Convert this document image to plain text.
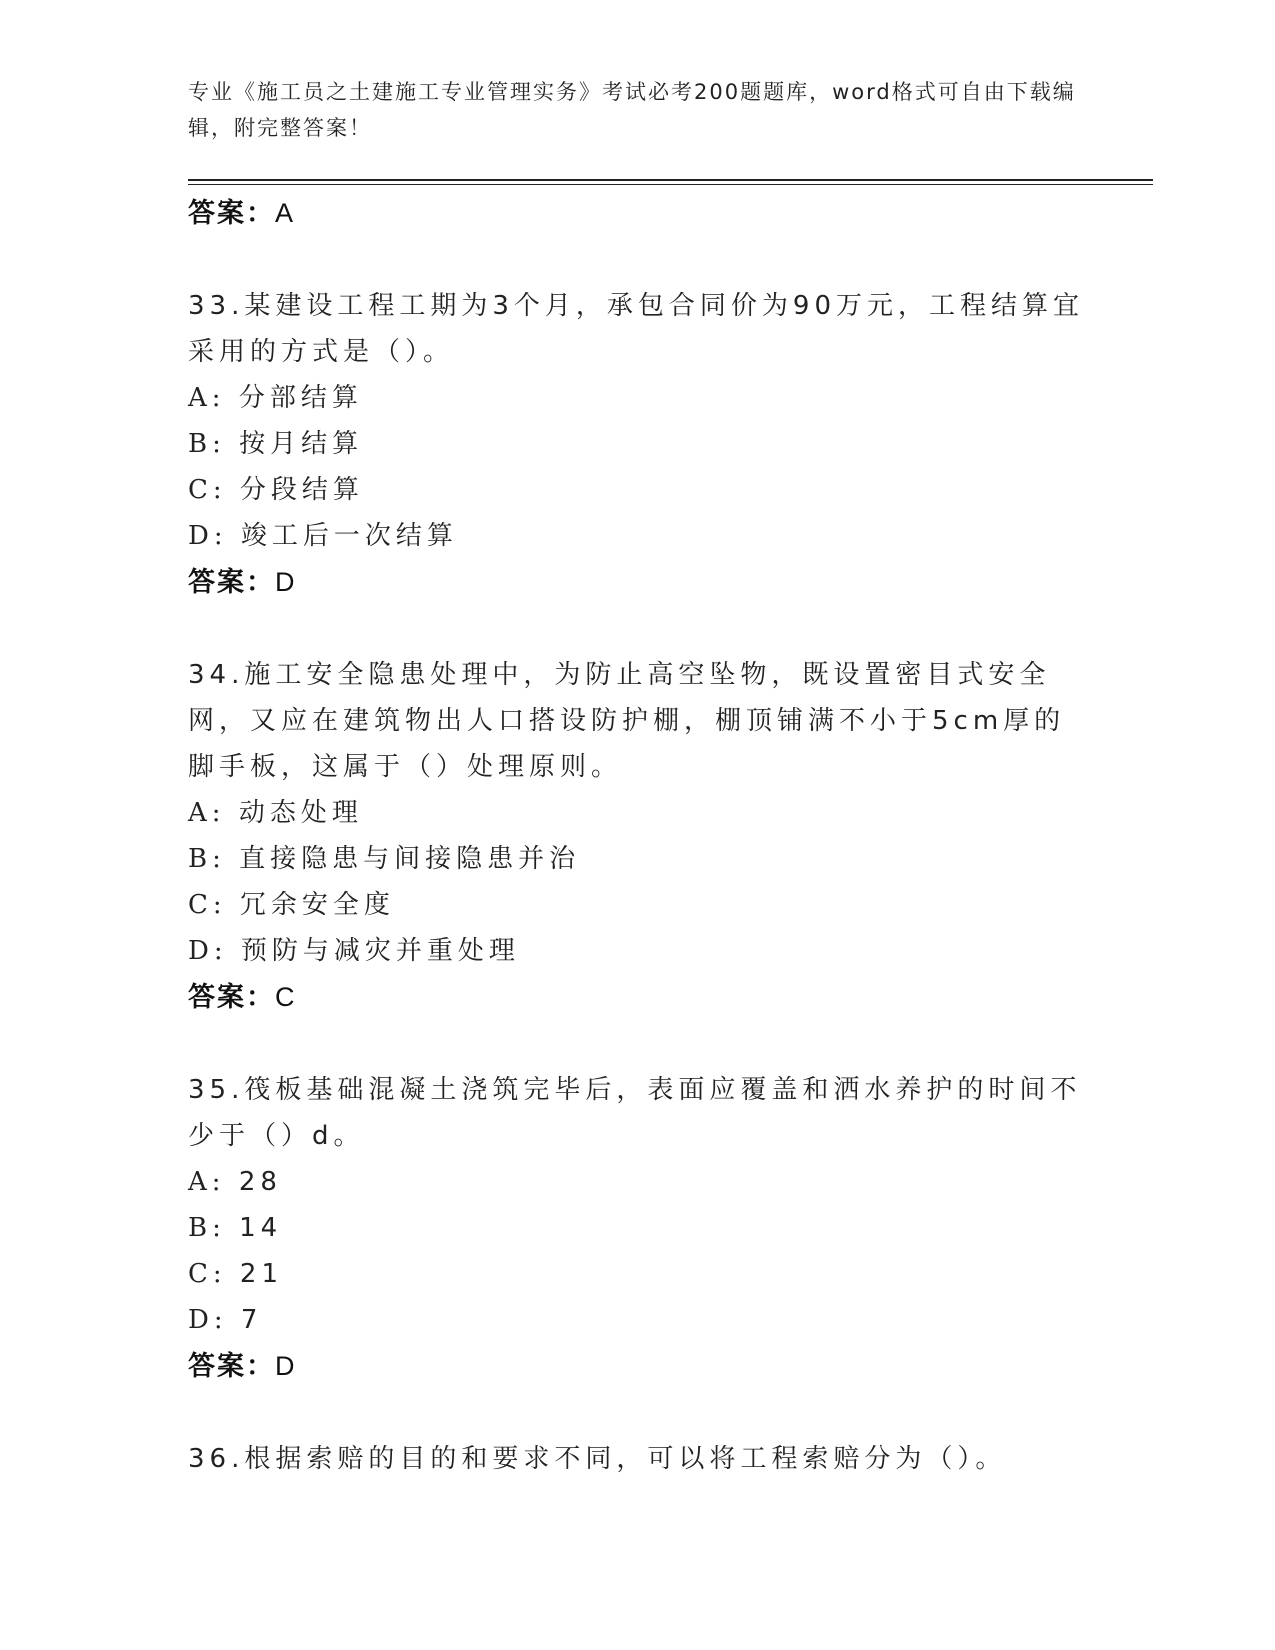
专业《施工员之土建施工专业管理实务》考试必考200题题库，word格式可自由下载编辑，附完整答案！
答案：A
33.某建设工程工期为3个月，承包合同价为90万元，工程结算宜采用的方式是（）。
A: 分部结算
B: 按月结算
C: 分段结算
D: 竣工后一次结算
答案：D
34.施工安全隐患处理中，为防止高空坠物，既设置密目式安全网，又应在建筑物出人口搭设防护棚，棚顶铺满不小于5cm厚的脚手板，这属于（）处理原则。
A: 动态处理
B: 直接隐患与间接隐患并治
C: 冗余安全度
D: 预防与减灾并重处理
答案：C
35.筏板基础混凝土浇筑完毕后，表面应覆盖和洒水养护的时间不少于（）d。
A: 28
B: 14
C: 21
D: 7
答案：D
36.根据索赔的目的和要求不同，可以将工程索赔分为（）。
